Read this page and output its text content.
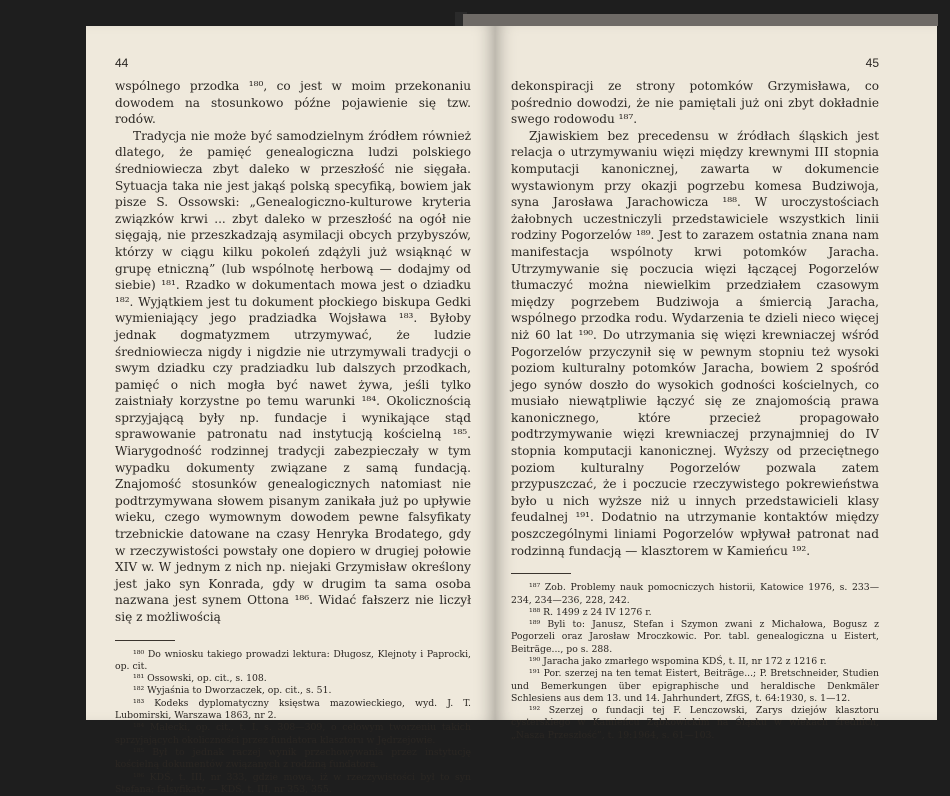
44

wspólnego przodka ¹⁸⁰, co jest w moim przekonaniu dowodem na stosunkowo późne pojawienie się tzw. rodów.

Tradycja nie może być samodzielnym źródłem również dlatego, że pamięć genealogiczna ludzi polskiego średniowiecza zbyt daleko w przeszłość nie sięgała. Sytuacja taka nie jest jakąś polską specyfiką, bowiem jak pisze S. Ossowski: „Genealogiczno-kulturowe kryteria związków krwi ... zbyt daleko w przeszłość na ogół nie sięgają, nie przeszkadzają asymilacji obcych przybyszów, którzy w ciągu kilku pokoleń zdążyli już wsiąknąć w grupę etniczną” (lub wspólnotę herbową — dodajmy od siebie) ¹⁸¹. Rzadko w dokumentach mowa jest o dziadku ¹⁸². Wyjątkiem jest tu dokument płockiego biskupa Gedki wymieniający jego pradziadka Wojsława ¹⁸³. Byłoby jednak dogmatyzmem utrzymywać, że ludzie średniowiecza nigdy i nigdzie nie utrzymywali tradycji o swym dziadku czy pradziadku lub dalszych przodkach, pamięć o nich mogła być nawet żywa, jeśli tylko zaistniały korzystne po temu warunki ¹⁸⁴. Okolicznością sprzyjającą były np. fundacje i wynikające stąd sprawowanie patronatu nad instytucją kościelną ¹⁸⁵. Wiarygodność rodzinnej tradycji zabezpieczały w tym wypadku dokumenty związane z samą fundacją. Znajomość stosunków genealogicznych natomiast nie podtrzymywana słowem pisanym zanikała już po upływie wieku, czego wymownym dowodem pewne falsyfikaty trzebnickie datowane na czasy Henryka Brodatego, gdy w rzeczywistości powstały one dopiero w drugiej połowie XIV w. W jednym z nich np. niejaki Grzymisław określony jest jako syn Konrada, gdy w drugim ta sama osoba nazwana jest synem Ottona ¹⁸⁶. Widać fałszerz nie liczył się z możliwością

¹⁸⁰ Do wniosku takiego prowadzi lektura: Długosz, Klejnoty i Paprocki, op. cit.

¹⁸¹ Ossowski, op. cit., s. 108.

¹⁸² Wyjaśnia to Dworzaczek, op. cit., s. 51.

¹⁸³ Kodeks dyplomatyczny księstwa mazowieckiego, wyd. J. T. Lubomirski, Warszawa 1863, nr 2.

¹⁸⁴ Małecki, op. cit., t. I. s. 308—309, o celowym tworzeniu takich sprzyjających okoliczności przez fundatora klasztoru w Jędrzejowie.

¹⁸⁵ Był to jednak raczej wynik przechowywania przez instytucję kościelną dokumentów związanych z rodziną fundatora.

¹⁸⁶ KDŚ, t. III, nr 333, gdzie mowa, iż w rzeczywistości był to syn Stefana; falsyfikaty — KDŚ, t. III, nr 353, 355.

45

dekonspiracji ze strony potomków Grzymisława, co pośrednio dowodzi, że nie pamiętali już oni zbyt dokładnie swego rodowodu ¹⁸⁷.

Zjawiskiem bez precedensu w źródłach śląskich jest relacja o utrzymywaniu więzi między krewnymi III stopnia komputacji kanonicznej, zawarta w dokumencie wystawionym przy okazji pogrzebu komesa Budziwoja, syna Jarosława Jarachowicza ¹⁸⁸. W uroczystościach żałobnych uczestniczyli przedstawiciele wszystkich linii rodziny Pogorzelów ¹⁸⁹. Jest to zarazem ostatnia znana nam manifestacja wspólnoty krwi potomków Jaracha. Utrzymywanie się poczucia więzi łączącej Pogorzelów tłumaczyć można niewielkim przedziałem czasowym między pogrzebem Budziwoja a śmiercią Jaracha, wspólnego przodka rodu. Wydarzenia te dzieli nieco więcej niż 60 lat ¹⁹⁰. Do utrzymania się więzi krewniaczej wśród Pogorzelów przyczynił się w pewnym stopniu też wysoki poziom kulturalny potomków Jaracha, bowiem 2 spośród jego synów doszło do wysokich godności kościelnych, co musiało niewątpliwie łączyć się ze znajomością prawa kanonicznego, które przecież propagowało podtrzymywanie więzi krewniaczej przynajmniej do IV stopnia komputacji kanonicznej. Wyższy od przeciętnego poziom kulturalny Pogorzelów pozwala zatem przypuszczać, że i poczucie rzeczywistego pokrewieństwa było u nich wyższe niż u innych przedstawicieli klasy feudalnej ¹⁹¹. Dodatnio na utrzymanie kontaktów między poszczególnymi liniami Pogorzelów wpływał patronat nad rodzinną fundacją — klasztorem w Kamieńcu ¹⁹².

¹⁸⁷ Zob. Problemy nauk pomocniczych historii, Katowice 1976, s. 233—234, 234—236, 228, 242.

¹⁸⁸ R. 1499 z 24 IV 1276 r.

¹⁸⁹ Byli to: Janusz, Stefan i Szymon zwani z Michałowa, Bogusz z Pogorzeli oraz Jarosław Mroczkowic. Por. tabl. genealogiczna u Eistert, Beiträge..., po s. 288.

¹⁹⁰ Jaracha jako zmarłego wspomina KDŚ, t. II, nr 172 z 1216 r.

¹⁹¹ Por. szerzej na ten temat Eistert, Beiträge...; P. Bretschneider, Studien und Bemerkungen über epigraphische und heraldische Denkmäler Schlesiens aus dem 13. und 14. Jahrhundert, ZfGS, t. 64:1930, s. 1—12.

¹⁹² Szerzej o fundacji tej F. Lenczowski, Zarys dziejów klasztoru cysterskiego w Kamieńcu Ząbkowickim na Śląsku w wiekach średnich, „Nasza Przeszłość”, t. 19:1964, s. 61—103.
